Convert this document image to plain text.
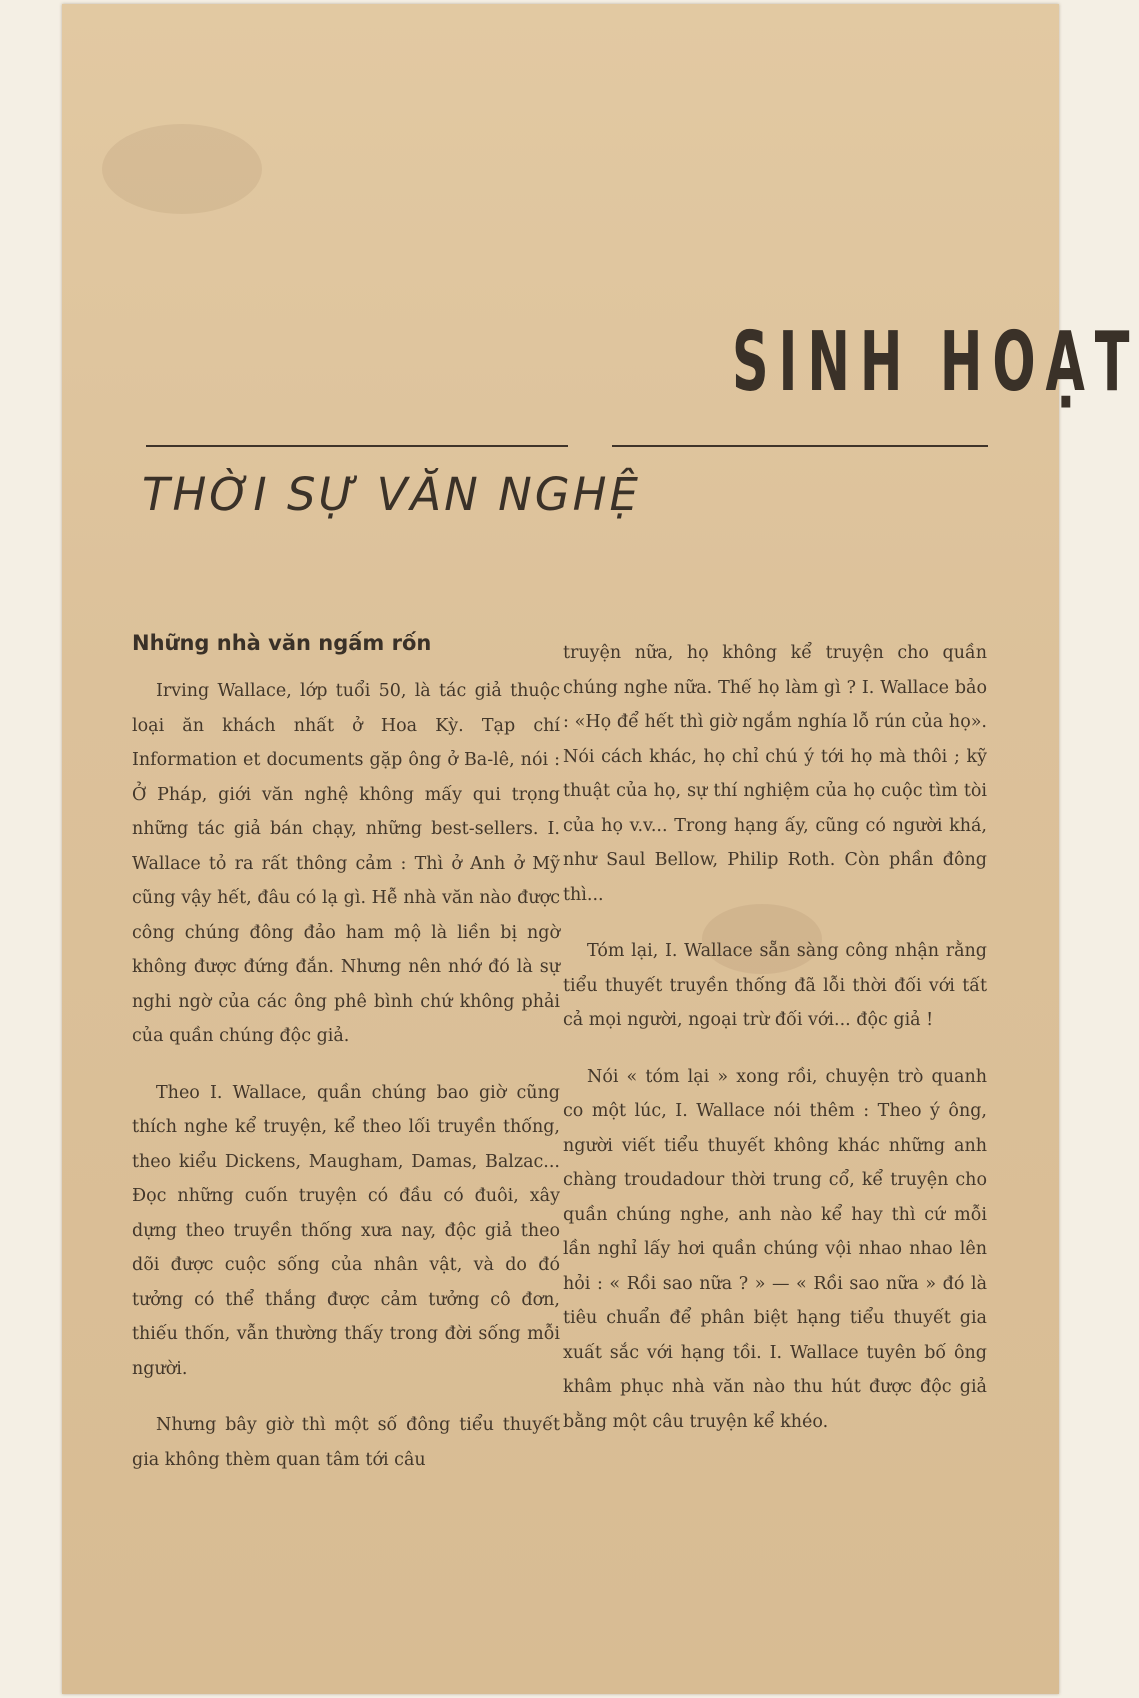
SINH HOẠT
THỜI SỰ VĂN NGHỆ
Những nhà văn ngấm rốn

Irving Wallace, lớp tuổi 50, là tác giả thuộc loại ăn khách nhất ở Hoa Kỳ. Tạp chí Information et documents gặp ông ở Ba-lê, nói : Ở Pháp, giới văn nghệ không mấy qui trọng những tác giả bán chạy, những best-sellers. I. Wallace tỏ ra rất thông cảm : Thì ở Anh ở Mỹ cũng vậy hết, đâu có lạ gì. Hễ nhà văn nào được công chúng đông đảo ham mộ là liền bị ngờ không được đứng đắn. Nhưng nên nhớ đó là sự nghi ngờ của các ông phê bình chứ không phải của quần chúng độc giả.

Theo I. Wallace, quần chúng bao giờ cũng thích nghe kể truyện, kể theo lối truyền thống, theo kiểu Dickens, Maugham, Damas, Balzac... Đọc những cuốn truyện có đầu có đuôi, xây dựng theo truyền thống xưa nay, độc giả theo dõi được cuộc sống của nhân vật, và do đó tưởng có thể thắng được cảm tưởng cô đơn, thiếu thốn, vẫn thường thấy trong đời sống mỗi người.

Nhưng bây giờ thì một số đông tiểu thuyết gia không thèm quan tâm tới câu

truyện nữa, họ không kể truyện cho quần chúng nghe nữa. Thế họ làm gì ? I. Wallace bảo : «Họ để hết thì giờ ngắm nghía lỗ rún của họ». Nói cách khác, họ chỉ chú ý tới họ mà thôi ; kỹ thuật của họ, sự thí nghiệm của họ cuộc tìm tòi của họ v.v... Trong hạng ấy, cũng có người khá, như Saul Bellow, Philip Roth. Còn phần đông thì...

Tóm lại, I. Wallace sẵn sàng công nhận rằng tiểu thuyết truyền thống đã lỗi thời đối với tất cả mọi người, ngoại trừ đối với... độc giả !

Nói « tóm lại » xong rồi, chuyện trò quanh co một lúc, I. Wallace nói thêm : Theo ý ông, người viết tiểu thuyết không khác những anh chàng troudadour thời trung cổ, kể truyện cho quần chúng nghe, anh nào kể hay thì cứ mỗi lần nghỉ lấy hơi quần chúng vội nhao nhao lên hỏi : « Rồi sao nữa ? » — « Rồi sao nữa » đó là tiêu chuẩn để phân biệt hạng tiểu thuyết gia xuất sắc với hạng tồi. I. Wallace tuyên bố ông khâm phục nhà văn nào thu hút được độc giả bằng một câu truyện kể khéo.
